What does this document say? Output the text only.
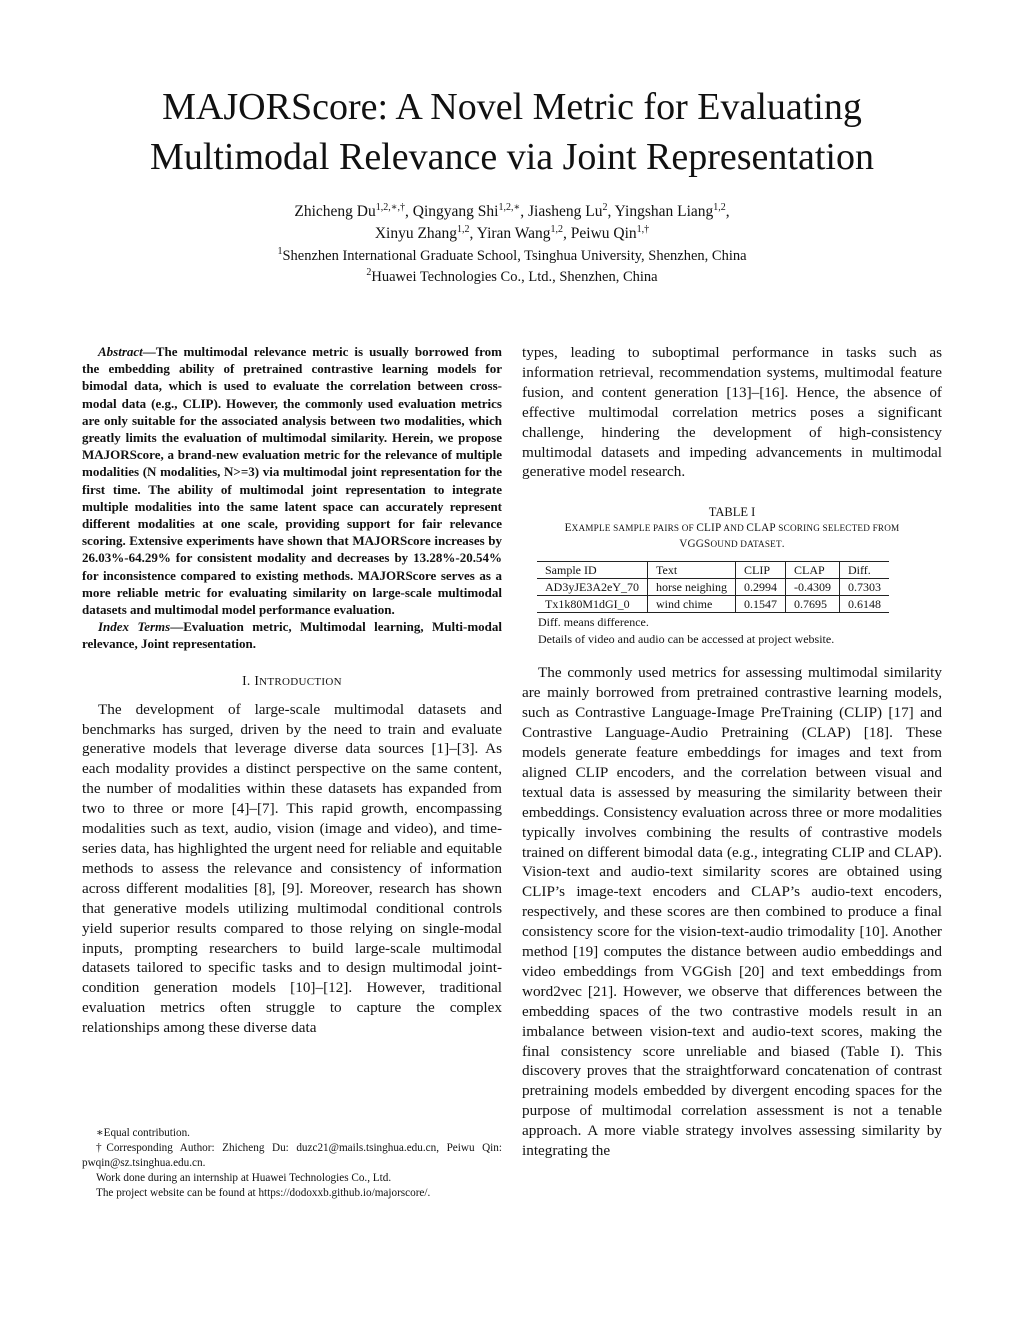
MAJORScore: A Novel Metric for Evaluating
Multimodal Relevance via Joint Representation
Zhicheng $Du^{1,2,∗,\dagger}$, Qingyang Shi$^{1,2,∗}$, Jiasheng Lu$^2$, Yingshan Liang$^{1,2}$,
Xinyu Zhang$^{1,2}$, Yiran Wang$^{1,2}$, Peiwu Qin$^{1,\dagger}$
$^1$Shenzhen International Graduate School, Tsinghua University, Shenzhen, China
$^2$Huawei Technologies Co., Ltd., Shenzhen, China

Abstract—The multimodal relevance metric is usually borrowed from the embedding ability of pretrained contrastive learning models for bimodal data, which is used to evaluate the correlation between cross-modal data (e.g., CLIP). However, the commonly used evaluation metrics are only suitable for the associated analysis between two modalities, which greatly limits the evaluation of multimodal similarity. Herein, we propose MAJORScore, a brand-new evaluation metric for the relevance of multiple modalities (N modalities, N>=3) via multimodal joint representation for the first time. The ability of multimodal joint representation to integrate multiple modalities into the same latent space can accurately represent different modalities at one scale, providing support for fair relevance scoring. Extensive experiments have shown that MAJORScore increases by 26.03%-64.29% for consistent modality and decreases by 13.28%-20.54% for inconsistence compared to existing methods. MAJORScore serves as a more reliable metric for evaluating similarity on large-scale multimodal datasets and multimodal model performance evaluation.

Index Terms—Evaluation metric, Multimodal learning, Multi-modal relevance, Joint representation.

I. INTRODUCTION

The development of large-scale multimodal datasets and benchmarks has surged, driven by the need to train and evaluate generative models that leverage diverse data sources [1]–[3]. As each modality provides a distinct perspective on the same content, the number of modalities within these datasets has expanded from two to three or more [4]–[7]. This rapid growth, encompassing modalities such as text, audio, vision (image and video), and time-series data, has highlighted the urgent need for reliable and equitable methods to assess the relevance and consistency of information across different modalities [8], [9]. Moreover, research has shown that generative models utilizing multimodal conditional controls yield superior results compared to those relying on single-modal inputs, prompting researchers to build large-scale multimodal datasets tailored to specific tasks and to design multimodal joint-condition generation models [10]–[12]. However, traditional evaluation metrics often struggle to capture the complex relationships among these diverse data

∗Equal contribution.

†Corresponding Author: Zhicheng Du: duzc21@mails.tsinghua.edu.cn, Peiwu Qin: pwqin@sz.tsinghua.edu.cn.

Work done during an internship at Huawei Technologies Co., Ltd.

The project website can be found at https://dodoxxb.github.io/majorscore/.

types, leading to suboptimal performance in tasks such as information retrieval, recommendation systems, multimodal feature fusion, and content generation [13]–[16]. Hence, the absence of effective multimodal correlation metrics poses a significant challenge, hindering the development of high-consistency multimodal datasets and impeding advancements in multimodal generative model research.

TABLE I
EXAMPLE SAMPLE PAIRS OF CLIP AND CLAP SCORING SELECTED FROM
VGGSOUND DATASET.
Sample ID	Text	CLIP	CLAP	Diff.
AD3yJE3A2eY_70	horse neighing	0.2994	-0.4309	0.7303
Tx1k80M1dGI_0	wind chime	0.1547	0.7695	0.6148
Diff. means difference.
Details of video and audio can be accessed at project website.

The commonly used metrics for assessing multimodal similarity are mainly borrowed from pretrained contrastive learning models, such as Contrastive Language-Image PreTraining (CLIP) [17] and Contrastive Language-Audio Pretraining (CLAP) [18]. These models generate feature embeddings for images and text from aligned CLIP encoders, and the correlation between visual and textual data is assessed by measuring the similarity between their embeddings. Consistency evaluation across three or more modalities typically involves combining the results of contrastive models trained on different bimodal data (e.g., integrating CLIP and CLAP). Vision-text and audio-text similarity scores are obtained using CLIP’s image-text encoders and CLAP’s audio-text encoders, respectively, and these scores are then combined to produce a final consistency score for the vision-text-audio trimodality [10]. Another method [19] computes the distance between audio embeddings and video embeddings from VGGish [20] and text embeddings from word2vec [21]. However, we observe that differences between the embedding spaces of the two contrastive models result in an imbalance between vision-text and audio-text scores, making the final consistency score unreliable and biased (Table I). This discovery proves that the straightforward concatenation of contrast pretraining models embedded by divergent encoding spaces for the purpose of multimodal correlation assessment is not a tenable approach. A more viable strategy involves assessing similarity by integrating the
